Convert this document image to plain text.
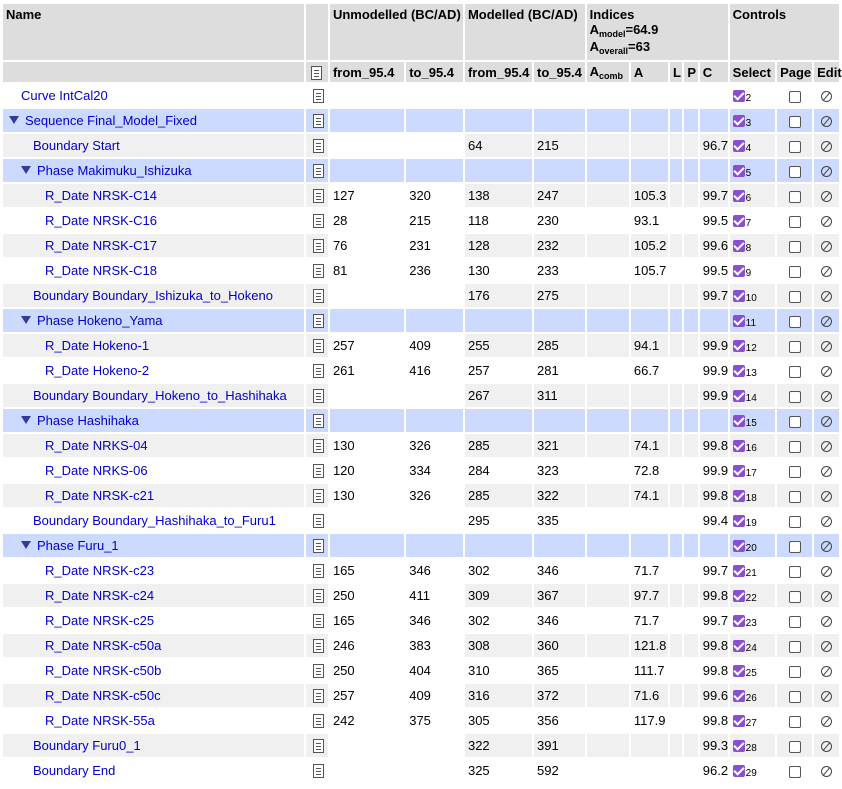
Name		Unmodelled (BC/AD)		Modelled (BC/AD)		Indices
$A_{model}=64.9$
$A_{overall}=63$					Controls		
		from_95.4	to_95.4	from_95.4	to_95.4	$A_{comb}$	A	L	P	C	Select	Page	Edit
Curve IntCal20											2		
Sequence Final_Model_Fixed											3		
Boundary Start				64	215					96.7	4		
Phase Makimuku_Ishizuka											5		
R_Date NRSK-C14		127	320	138	247		105.3			99.7	6		
R_Date NRSK-C16		28	215	118	230		93.1			99.5	7		
R_Date NRSK-C17		76	231	128	232		105.2			99.6	8		
R_Date NRSK-C18		81	236	130	233		105.7			99.5	9		
Boundary Boundary_Ishizuka_to_Hokeno				176	275					99.7	10		
Phase Hokeno_Yama											11		
R_Date Hokeno-1		257	409	255	285		94.1			99.9	12		
R_Date Hokeno-2		261	416	257	281		66.7			99.9	13		
Boundary Boundary_Hokeno_to_Hashihaka				267	311					99.9	14		
Phase Hashihaka											15		
R_Date NRKS-04		130	326	285	321		74.1			99.8	16		
R_Date NRKS-06		120	334	284	323		72.8			99.9	17		
R_Date NRSK-c21		130	326	285	322		74.1			99.8	18		
Boundary Boundary_Hashihaka_to_Furu1				295	335					99.4	19		
Phase Furu_1											20		
R_Date NRSK-c23		165	346	302	346		71.7			99.7	21		
R_Date NRSK-c24		250	411	309	367		97.7			99.8	22		
R_Date NRSK-c25		165	346	302	346		71.7			99.7	23		
R_Date NRSK-c50a		246	383	308	360		121.8			99.8	24		
R_Date NRSK-c50b		250	404	310	365		111.7			99.8	25		
R_Date NRSK-c50c		257	409	316	372		71.6			99.6	26		
R_Date NRSK-55a		242	375	305	356		117.9			99.8	27		
Boundary Furu0_1				322	391					99.3	28		
Boundary End				325	592					96.2	29		
